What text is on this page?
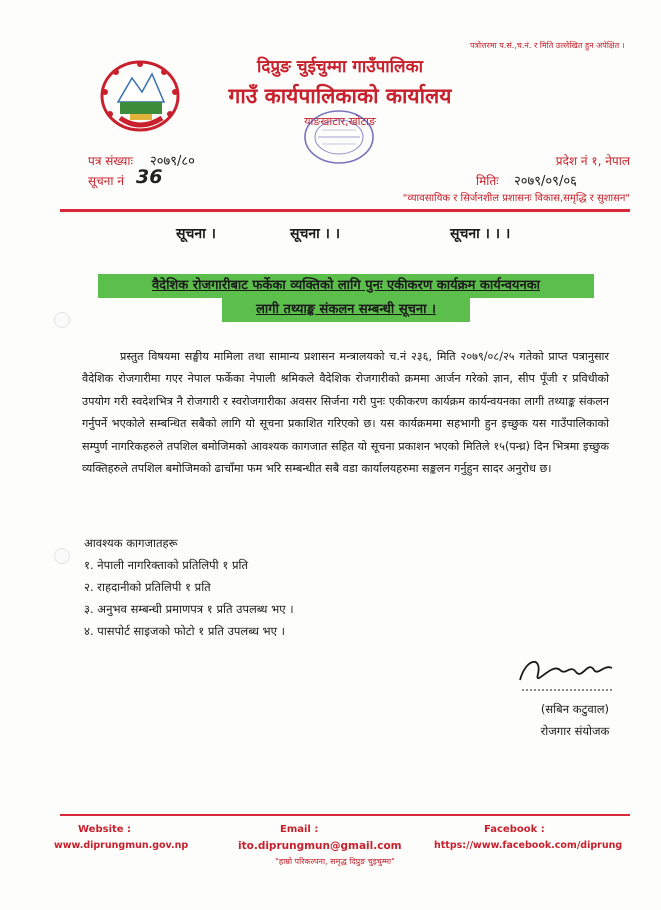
पत्रोत्तरमा प.सं.,च.नं. र मिति उल्लेखित हुन अपेक्षित ।
दिप्रुङ चुईचुम्मा गाउँपालिका
गाउँ कार्यपालिकाको कार्यालय
याङखाटार,खोटाङ
पत्र संख्याः २०७९/८०
सूचना नं 36
प्रदेश नं १, नेपाल
मितिः २०७९/०९/०६
"व्यावसायिक र सिर्जनशील प्रशासनः विकास,समृद्धि र सुशासन"
सूचना ।	सूचना । ।	सूचना । । ।
वैदेशिक रोजगारीबाट फर्केका व्यक्तिको लागि पुनः एकीकरण कार्यक्रम कार्यन्वयनका
लागी तथ्याङ्क संकलन सम्बन्धी सूचना ।
प्रस्तुत विषयमा सङ्घीय मामिला तथा सामान्य प्रशासन मन्त्रालयको च.नं २३६, मिति २०७९/०८/२५ गतेको प्राप्त पत्रानुसार वैदेशिक रोजगारीमा गएर नेपाल फर्केका नेपाली श्रमिकले वैदेशिक रोजगारीको क्रममा आर्जन गरेको ज्ञान, सीप पूँजी र प्रविधीको उपयोग गरी स्वदेशभित्र नै रोजगारी र स्वरोजगारीका अवसर सिर्जना गरी पुनः एकीकरण कार्यक्रम कार्यन्वयनका लागी तथ्याङ्क संकलन गर्नुपर्ने भएकोले सम्बन्धित सबैको लागि यो सूचना प्रकाशित गरिएको छ। यस कार्यक्रममा सहभागी हुन इच्छुक यस गाउँपालिकाको सम्पुर्ण नागरिकहरुले तपशिल बमोजिमको आवश्यक कागजात सहित यो सूचना प्रकाशन भएको मितिले १५(पन्ध्र) दिन भित्रमा इच्छुक व्यक्तिहरुले तपशिल बमोजिमको ढाचाँमा फम भरि सम्बन्धीत सबै वडा कार्यालयहरुमा सङ्कलन गर्नुहुन सादर अनुरोध छ।
आवश्यक कागजातहरू
१. नेपाली नागरिक्ताको प्रतिलिपी १ प्रति
२. राहदानीको प्रतिलिपी १ प्रति
३. अनुभव सम्बन्धी प्रमाणपत्र १ प्रति उपलब्ध भए ।
४. पासपोर्ट साइजको फोटो १ प्रति उपलब्ध भए ।
(सबिन कटुवाल)
रोजगार संयोजक
Website :
www.diprungmun.gov.np
Email :
ito.diprungmun@gmail.com
Facebook :
https://www.facebook.com/diprung
"हाम्रो परिकल्पना, समृद्ध दिप्रुङ चुइचुम्मा"
